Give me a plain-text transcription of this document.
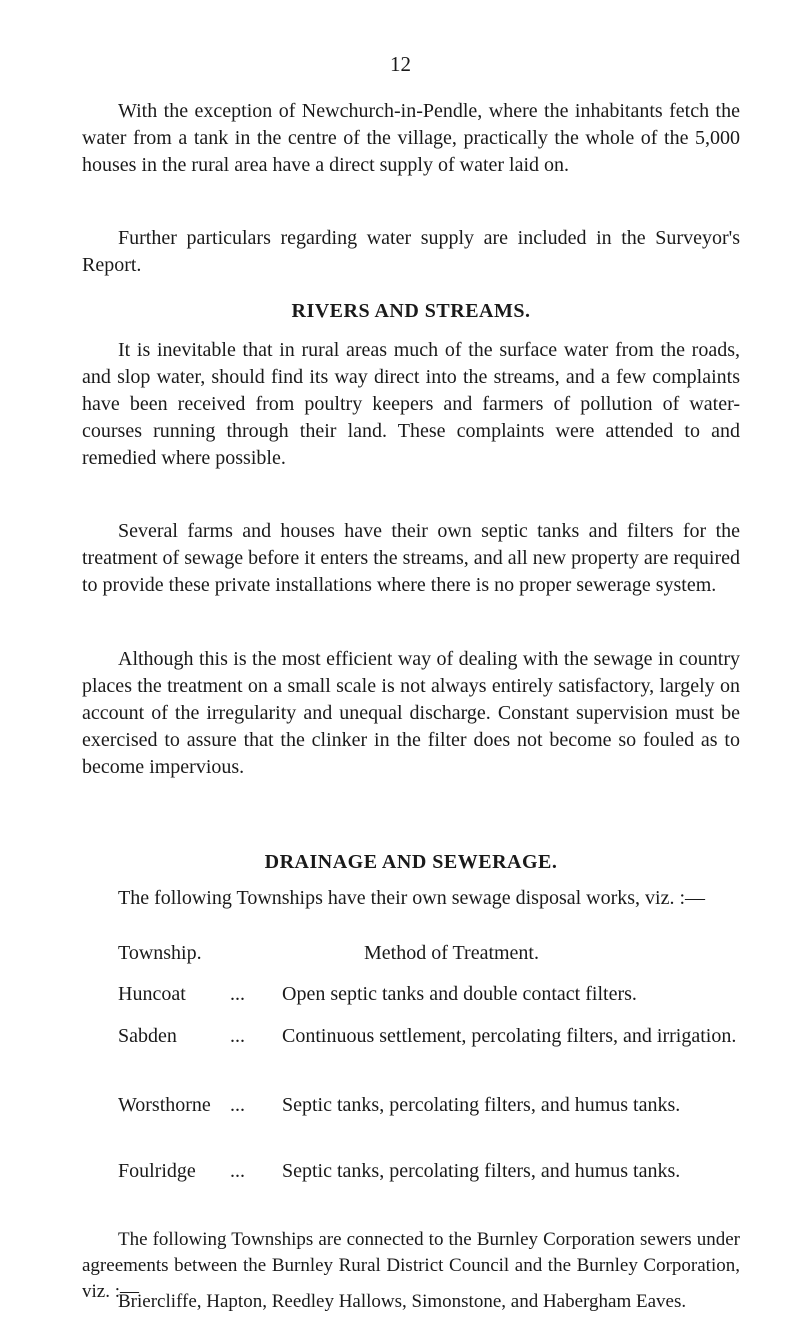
12

With the exception of Newchurch-in-Pendle, where the inhabitants fetch the water from a tank in the centre of the village, practically the whole of the 5,000 houses in the rural area have a direct supply of water laid on.

Further particulars regarding water supply are included in the Surveyor's Report.

RIVERS AND STREAMS.

It is inevitable that in rural areas much of the surface water from the roads, and slop water, should find its way direct into the streams, and a few complaints have been received from poultry keepers and farmers of pollution of water-courses running through their land. These complaints were attended to and remedied where possible.

Several farms and houses have their own septic tanks and filters for the treatment of sewage before it enters the streams, and all new property are required to provide these private installations where there is no proper sewerage system.

Although this is the most efficient way of dealing with the sewage in country places the treatment on a small scale is not always entirely satisfactory, largely on account of the irregularity and unequal discharge. Constant supervision must be exercised to assure that the clinker in the filter does not become so fouled as to become impervious.

DRAINAGE AND SEWERAGE.

The following Townships have their own sewage disposal works, viz. :—

Township.	Method of Treatment.
Huncoat ... Open septic tanks and double contact filters.
Sabden	... Continuous settlement, percolating filters, and irrigation.
Worsthorne ... Septic tanks, percolating filters, and humus tanks.
Foulridge ... Septic tanks, percolating filters, and humus tanks.

The following Townships are connected to the Burnley Corporation sewers under agreements between the Burnley Rural District Council and the Burnley Corporation, viz. :—

Briercliffe, Hapton, Reedley Hallows, Simonstone, and Habergham Eaves.
